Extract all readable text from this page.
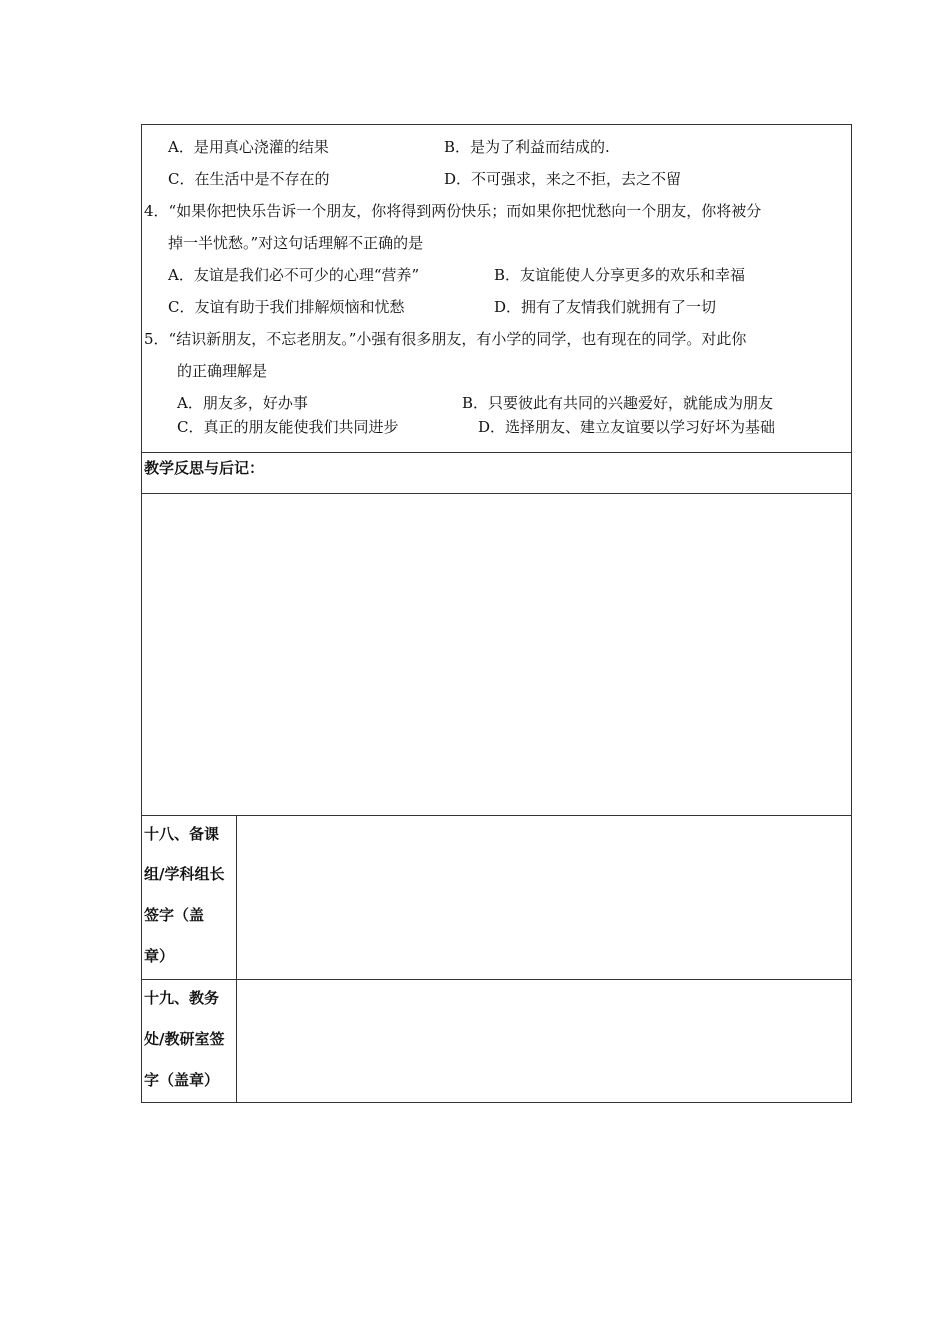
A．是用真心浇灌的结果	B．是为了利益而结成的.
C．在生活中是不存在的	D．不可强求，来之不拒，去之不留
4．“如果你把快乐告诉一个朋友，你将得到两份快乐；而如果你把忧愁向一个朋友，你将被分
掉一半忧愁。”对这句话理解不正确的是
A．友谊是我们必不可少的心理“营养”	B．友谊能使人分享更多的欢乐和幸福
C．友谊有助于我们排解烦恼和忧愁	D．拥有了友情我们就拥有了一切
5．“结识新朋友，不忘老朋友。”小强有很多朋友，有小学的同学，也有现在的同学。对此你
的正确理解是
A．朋友多，好办事	B．只要彼此有共同的兴趣爱好，就能成为朋友
C．真正的朋友能使我们共同进步	D．选择朋友、建立友谊要以学习好坏为基础
教学反思与后记：
十八、备课
组/学科组长
签字（盖
章）
十九、教务
处/教研室签
字（盖章）
